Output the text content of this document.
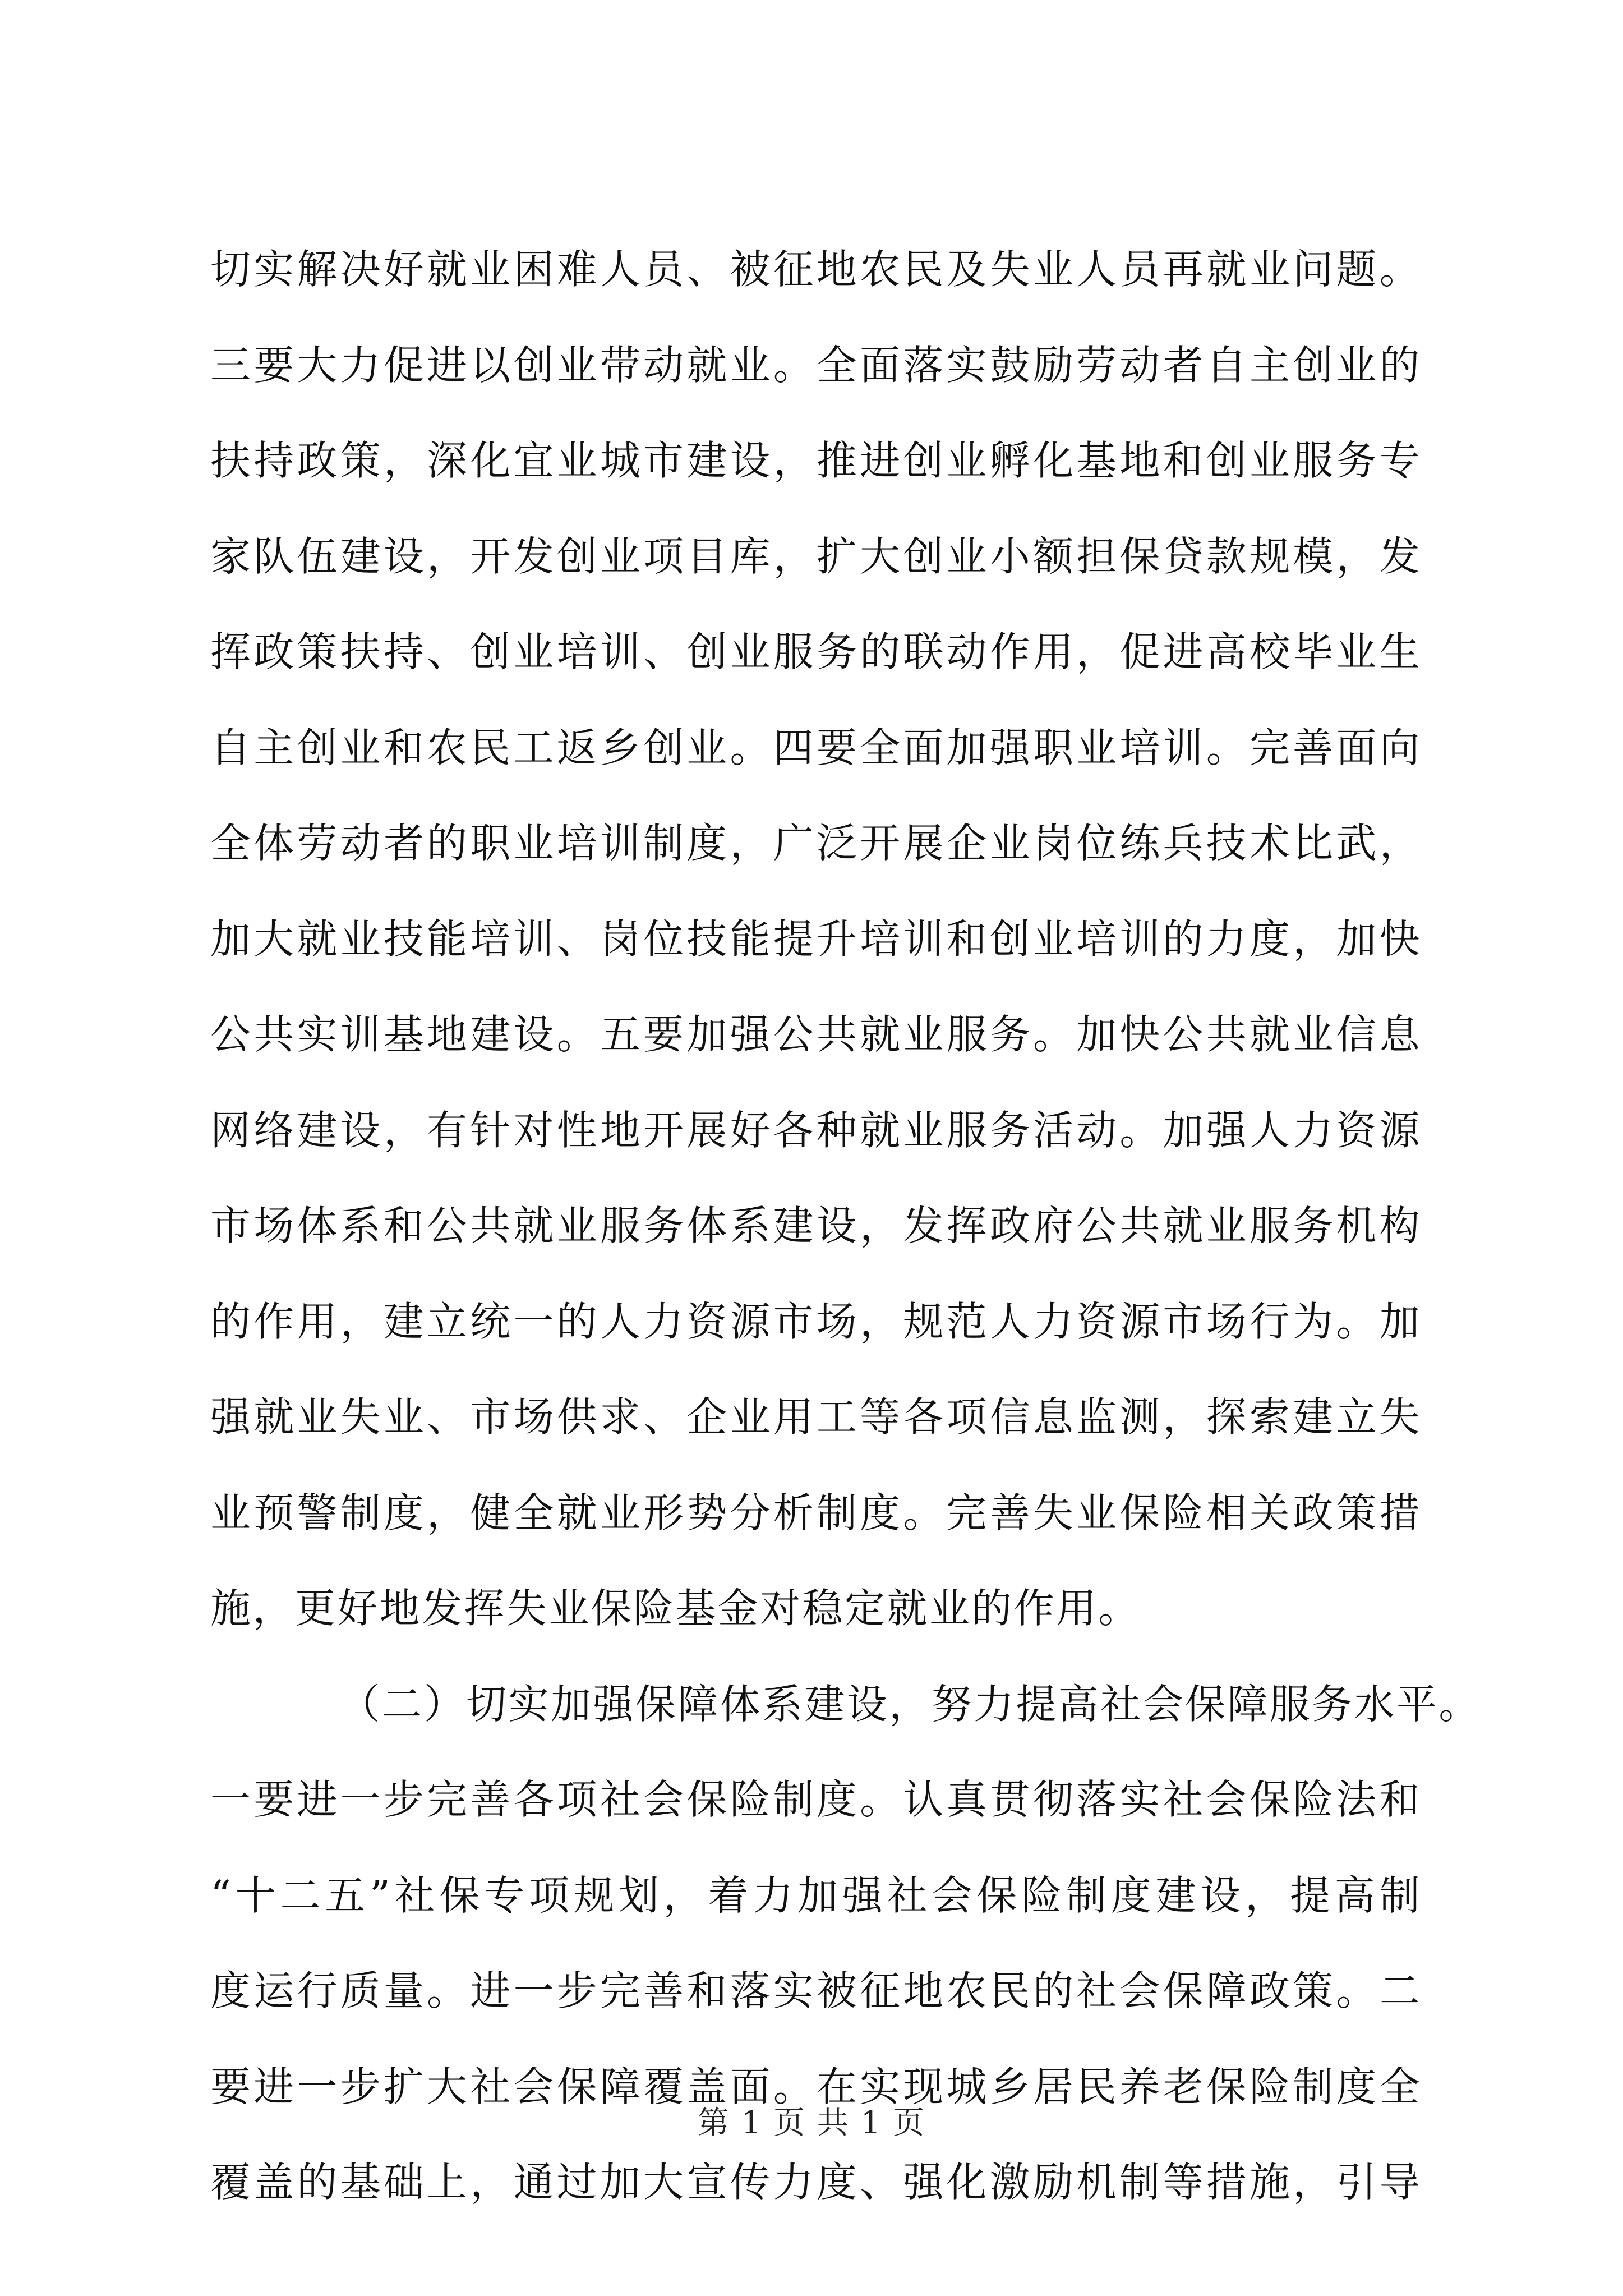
切实解决好就业困难人员、被征地农民及失业人员再就业问题。
三要大力促进以创业带动就业。全面落实鼓励劳动者自主创业的
扶持政策，深化宜业城市建设，推进创业孵化基地和创业服务专
家队伍建设，开发创业项目库，扩大创业小额担保贷款规模，发
挥政策扶持、创业培训、创业服务的联动作用，促进高校毕业生
自主创业和农民工返乡创业。四要全面加强职业培训。完善面向
全体劳动者的职业培训制度，广泛开展企业岗位练兵技术比武，
加大就业技能培训、岗位技能提升培训和创业培训的力度，加快
公共实训基地建设。五要加强公共就业服务。加快公共就业信息
网络建设，有针对性地开展好各种就业服务活动。加强人力资源
市场体系和公共就业服务体系建设，发挥政府公共就业服务机构
的作用，建立统一的人力资源市场，规范人力资源市场行为。加
强就业失业、市场供求、企业用工等各项信息监测，探索建立失
业预警制度，健全就业形势分析制度。完善失业保险相关政策措
施，更好地发挥失业保险基金对稳定就业的作用。
（二）切实加强保障体系建设，努力提高社会保障服务水平。
一要进一步完善各项社会保险制度。认真贯彻落实社会保险法和
“十二五”社保专项规划，着力加强社会保险制度建设，提高制
度运行质量。进一步完善和落实被征地农民的社会保障政策。二
要进一步扩大社会保障覆盖面。在实现城乡居民养老保险制度全
覆盖的基础上，通过加大宣传力度、强化激励机制等措施，引导
第 1 页 共 1 页
